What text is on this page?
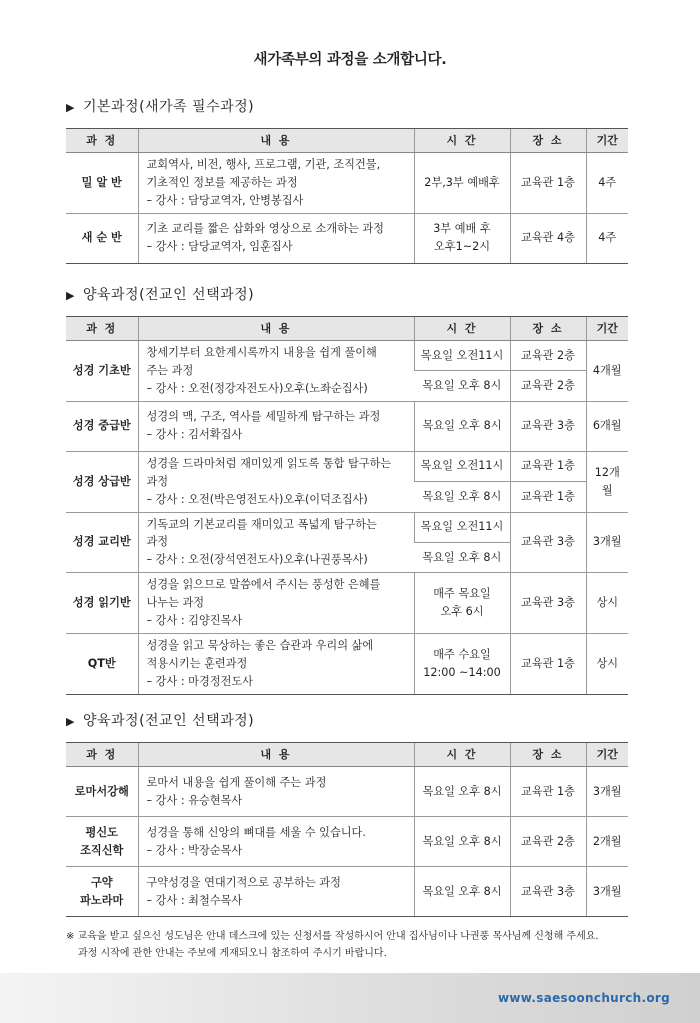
새가족부의 과정을 소개합니다.
▶ 기본과정(새가족 필수과정)
과 정	내 용	시 간	장 소	기간

밀 알 반	교회역사, 비전, 행사, 프로그램, 기관, 조직건물,
기초적인 정보를 제공하는 과정
– 강사 : 담당교역자, 안병봉집사	2부,3부 예배후	교육관 1층	4주

새 순 반	기초 교리를 짧은 삽화와 영상으로 소개하는 과정
– 강사 : 담당교역자, 임훈집사	3부 예배 후
오후1~2시	교육관 4층	4주
▶ 양육과정(전교인 선택과정)
과 정	내 용	시 간	장 소	기간

성경 기초반	창세기부터 요한계시록까지 내용을 쉽게 풀이해
주는 과정
– 강사 : 오전(정강자전도사)오후(노좌순집사)	목요일 오전11시	교육관 2층	4개월
		목요일 오후 8시	교육관 2층	

성경 중급반	성경의 맥, 구조, 역사를 세밀하게 탐구하는 과정
– 강사 : 김서확집사	목요일 오후 8시	교육관 3층	6개월

성경 상급반	성경을 드라마처럼 재미있게 읽도록 통합 탐구하는
과정
– 강사 : 오전(박은영전도사)오후(이덕조집사)	목요일 오전11시	교육관 1층	12개월
		목요일 오후 8시	교육관 1층	

성경 교리반	기독교의 기본교리를 재미있고 폭넓게 탐구하는
과정
– 강사 : 오전(장석연전도사)오후(나권풍목사)	목요일 오전11시	교육관 3층	3개월
		목요일 오후 8시		

성경 읽기반	성경을 읽으므로 말씀에서 주시는 풍성한 은혜를
나누는 과정
– 강사 : 김양진목사	매주 목요일
오후 6시	교육관 3층	상시

QT반	성경을 읽고 묵상하는 좋은 습관과 우리의 삶에
적용시키는 훈련과정
– 강사 : 마경정전도사	매주 수요일
12:00 ~14:00	교육관 1층	상시
▶ 양육과정(전교인 선택과정)
과 정	내 용	시 간	장 소	기간

로마서강해	로마서 내용을 쉽게 풀이해 주는 과정
– 강사 : 유승현목사	목요일 오후 8시	교육관 1층	3개월

평신도
조직신학	성경을 통해 신앙의 뼈대를 세울 수 있습니다.
– 강사 : 박장순목사	목요일 오후 8시	교육관 2층	2개월

구약
파노라마	구약성경을 연대기적으로 공부하는 과정
– 강사 : 최철수목사	목요일 오후 8시	교육관 3층	3개월
※ 교육을 받고 싶으신 성도님은 안내 데스크에 있는 신청서를 작성하시어 안내 집사님이나 나권풍 목사님께 신청해 주세요.
과정 시작에 관한 안내는 주보에 게재되오니 참조하여 주시기 바랍니다.
www.saesoonchurch.org
